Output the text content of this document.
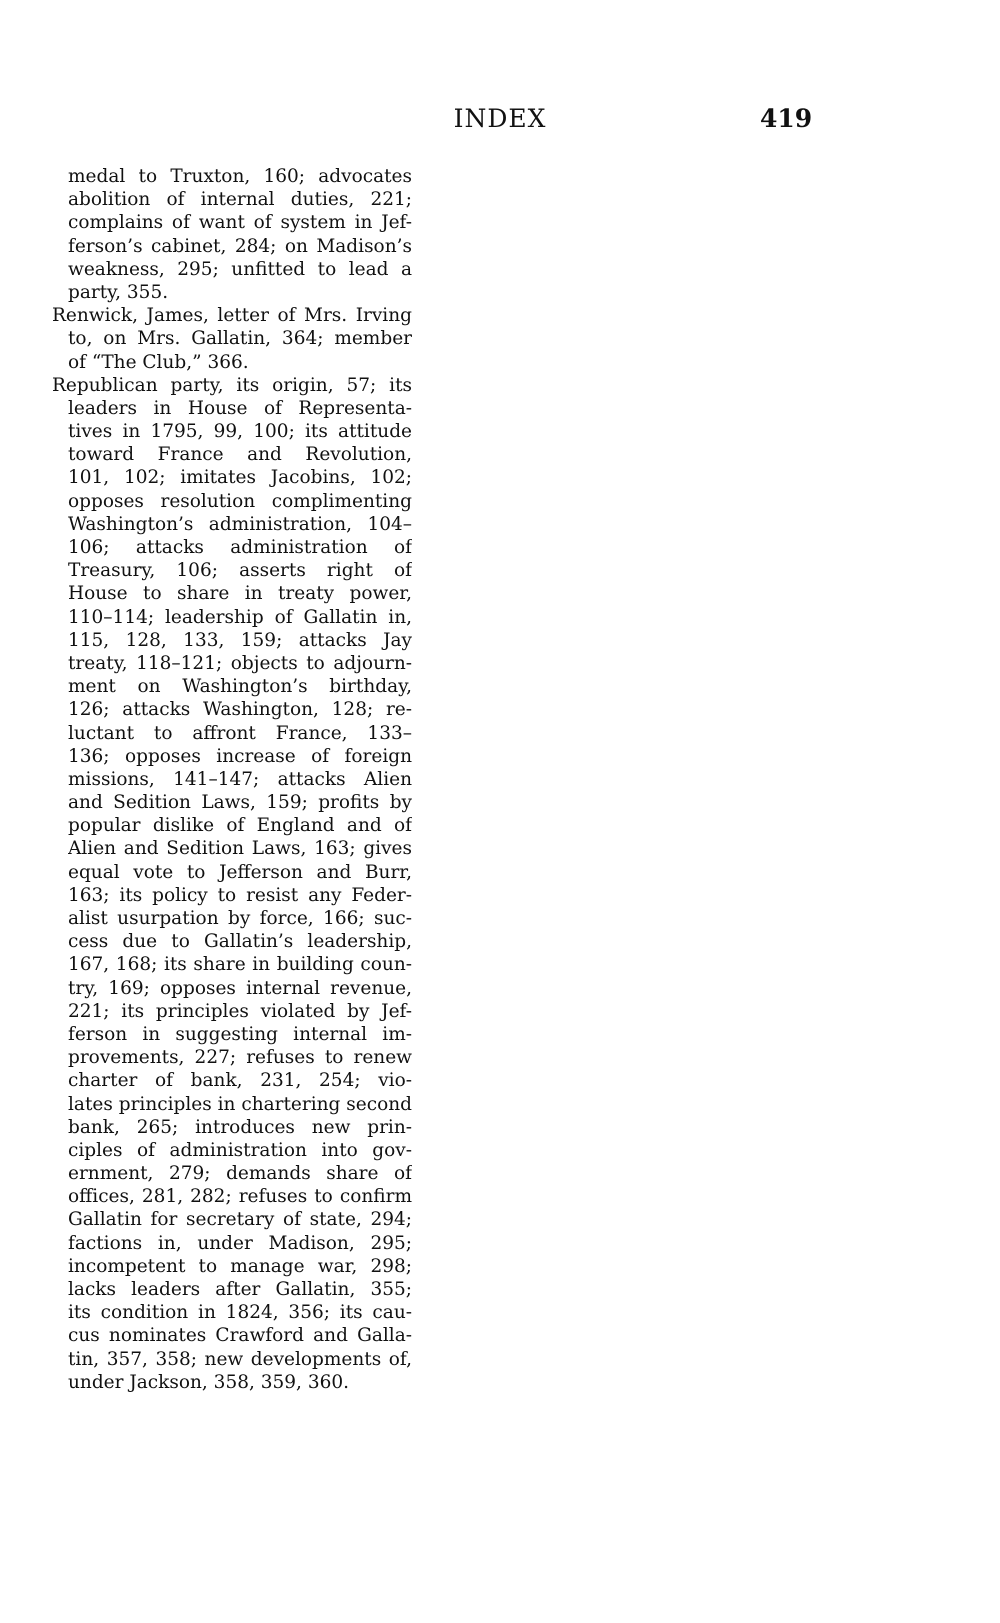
INDEX	419
medal to Truxton, 160; advocates
abolition of internal duties, 221;
complains of want of system in Jef-
ferson’s cabinet, 284; on Madison’s
weakness, 295; unfitted to lead a
party, 355.
Renwick, James, letter of Mrs. Irving
to, on Mrs. Gallatin, 364; member
of “The Club,” 366.
Republican party, its origin, 57; its
leaders in House of Representa-
tives in 1795, 99, 100; its attitude
toward France and Revolution,
101, 102; imitates Jacobins, 102;
opposes resolution complimenting
Washington’s administration, 104–
106; attacks administration of
Treasury, 106; asserts right of
House to share in treaty power,
110–114; leadership of Gallatin in,
115, 128, 133, 159; attacks Jay
treaty, 118–121; objects to adjourn-
ment on Washington’s birthday,
126; attacks Washington, 128; re-
luctant to affront France, 133–
136; opposes increase of foreign
missions, 141–147; attacks Alien
and Sedition Laws, 159; profits by
popular dislike of England and of
Alien and Sedition Laws, 163; gives
equal vote to Jefferson and Burr,
163; its policy to resist any Feder-
alist usurpation by force, 166; suc-
cess due to Gallatin’s leadership,
167, 168; its share in building coun-
try, 169; opposes internal revenue,
221; its principles violated by Jef-
ferson in suggesting internal im-
provements, 227; refuses to renew
charter of bank, 231, 254; vio-
lates principles in chartering second
bank, 265; introduces new prin-
ciples of administration into gov-
ernment, 279; demands share of
offices, 281, 282; refuses to confirm
Gallatin for secretary of state, 294;
factions in, under Madison, 295;
incompetent to manage war, 298;
lacks leaders after Gallatin, 355;
its condition in 1824, 356; its cau-
cus nominates Crawford and Galla-
tin, 357, 358; new developments of,
under Jackson, 358, 359, 360.
